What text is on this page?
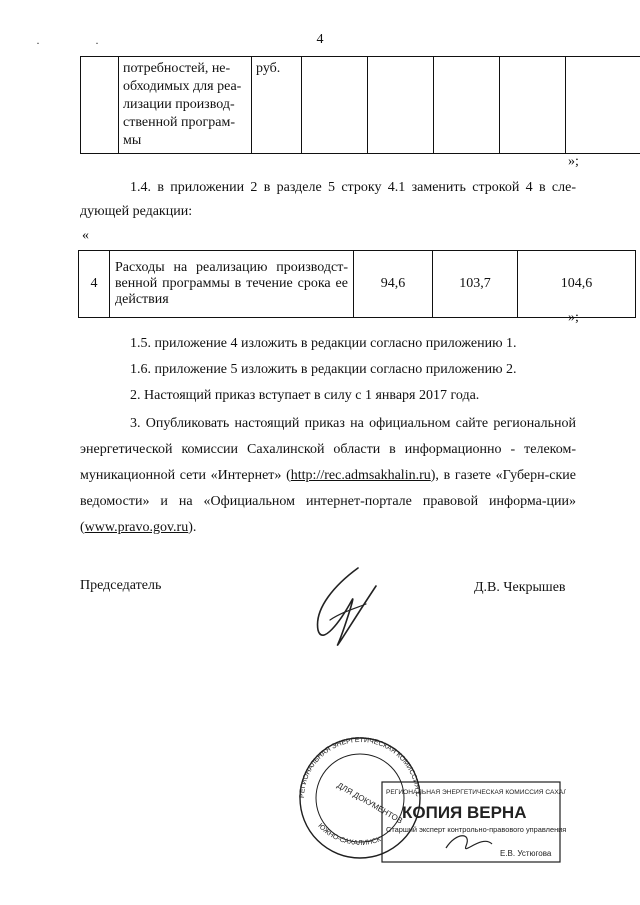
4
· ·
	потребностей, не-обходимых для реа-лизации производ-ственной програм-мы	руб.					
»;
1.4. в приложении 2 в разделе 5 строку 4.1 заменить строкой 4 в сле-дующей редакции:
«
4	Расходы на реализацию производст-венной программы в течение срока ее действия	94,6	103,7	104,6
»;
1.5. приложение 4 изложить в редакции согласно приложению 1.
1.6. приложение 5 изложить в редакции согласно приложению 2.
2. Настоящий приказ вступает в силу с 1 января 2017 года.
3. Опубликовать настоящий приказ на официальном сайте региональной энергетической комиссии Сахалинской области в информационно - телеком-муникационной сети «Интернет» (http://rec.admsakhalin.ru), в газете «Губерн-ские ведомости» и на «Официальном интернет-портале правовой информа-ции» (www.pravo.gov.ru).
Председатель	Д.В. Чекрышев
РЕГИОНАЛЬНАЯ ЭНЕРГЕТИЧЕСКАЯ КОМИССИЯ С
ЮЖНО-САХАЛИНСК
ДЛЯ ДОКУМЕНТОВ
РЕГИОНАЛЬНАЯ ЭНЕРГЕТИЧЕСКАЯ КОМИССИЯ САХАЛ
КОПИЯ ВЕРНА
Старший эксперт контрольно-правового управления
Е.В. Устюгова
